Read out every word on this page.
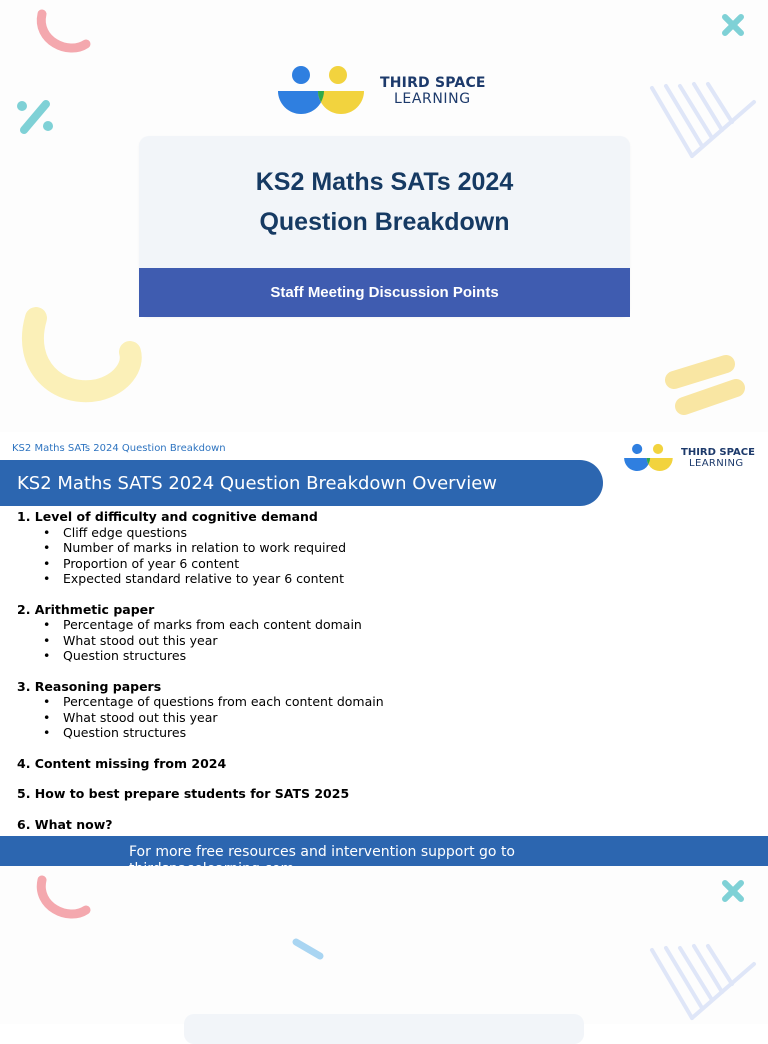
THIRD SPACE
LEARNING
KS2 Maths SATs 2024
Question Breakdown
Staff Meeting Discussion Points
KS2 Maths SATs 2024 Question Breakdown	THIRD SPACE
LEARNING
KS2 Maths SATS 2024 Question Breakdown Overview
1. Level of difficulty and cognitive demand
• Cliff edge questions
• Number of marks in relation to work required
• Proportion of year 6 content
• Expected standard relative to year 6 content
2. Arithmetic paper
• Percentage of marks from each content domain
• What stood out this year
• Question structures
3. Reasoning papers
• Percentage of questions from each content domain
• What stood out this year
• Question structures
4. Content missing from 2024
5. How to best prepare students for SATS 2025
6. What now?
For more free resources and intervention support go to
